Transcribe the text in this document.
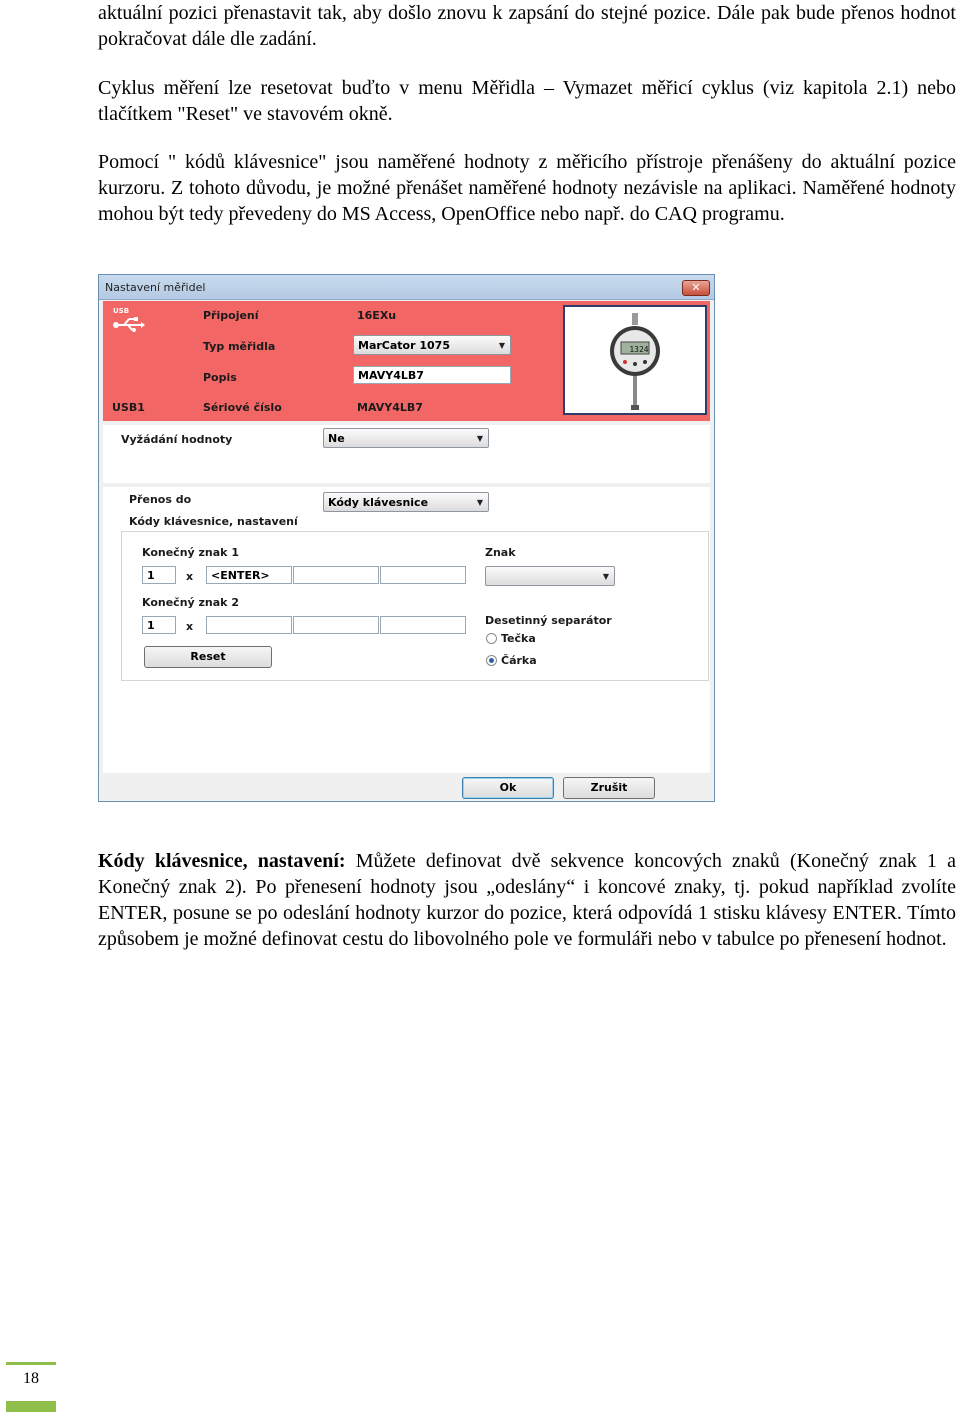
aktuální pozici přenastavit tak, aby došlo znovu k zapsání do stejné pozice. Dále pak bude přenos hodnot pokračovat dále dle zadání.

Cyklus měření lze resetovat buďto v menu Měřidla – Vymazet měřicí cyklus (viz kapitola 2.1) nebo tlačítkem "Reset" ve stavovém okně.

Pomocí " kódů klávesnice" jsou naměřené hodnoty z měřicího přístroje přenášeny do aktuální pozice kurzoru. Z tohoto důvodu, je možné přenášet naměřené hodnoty nezávisle na aplikaci. Naměřené hodnoty mohou být tedy převedeny do MS Access, OpenOffice nebo např. do CAQ programu.

Nastavení měřidel	✕
USB
USB1
Připojení	16EXu
Typ měřidla	MarCator 1075	▼
Popis	MAVY4LB7
Sériové číslo	MAVY4LB7
1324
Vyžádání hodnoty	Ne	▼
Přenos do	Kódy klávesnice	▼
Kódy klávesnice, nastavení
Konečný znak 1
1	x	<ENTER>
Konečný znak 2
1	x
Reset
Znak
▼
Desetinný separátor
Tečka
Čárka
Ok	Zrušit

Kódy klávesnice, nastavení: Můžete definovat dvě sekvence koncových znaků (Konečný znak 1 a Konečný znak 2). Po přenesení hodnoty jsou „odeslány“ i koncové znaky, tj. pokud například zvolíte ENTER, posune se po odeslání hodnoty kurzor do pozice, která odpovídá 1 stisku klávesy ENTER. Tímto způsobem je možné definovat cestu do libovolného pole ve formuláři nebo v tabulce po přenesení hodnot.

18
